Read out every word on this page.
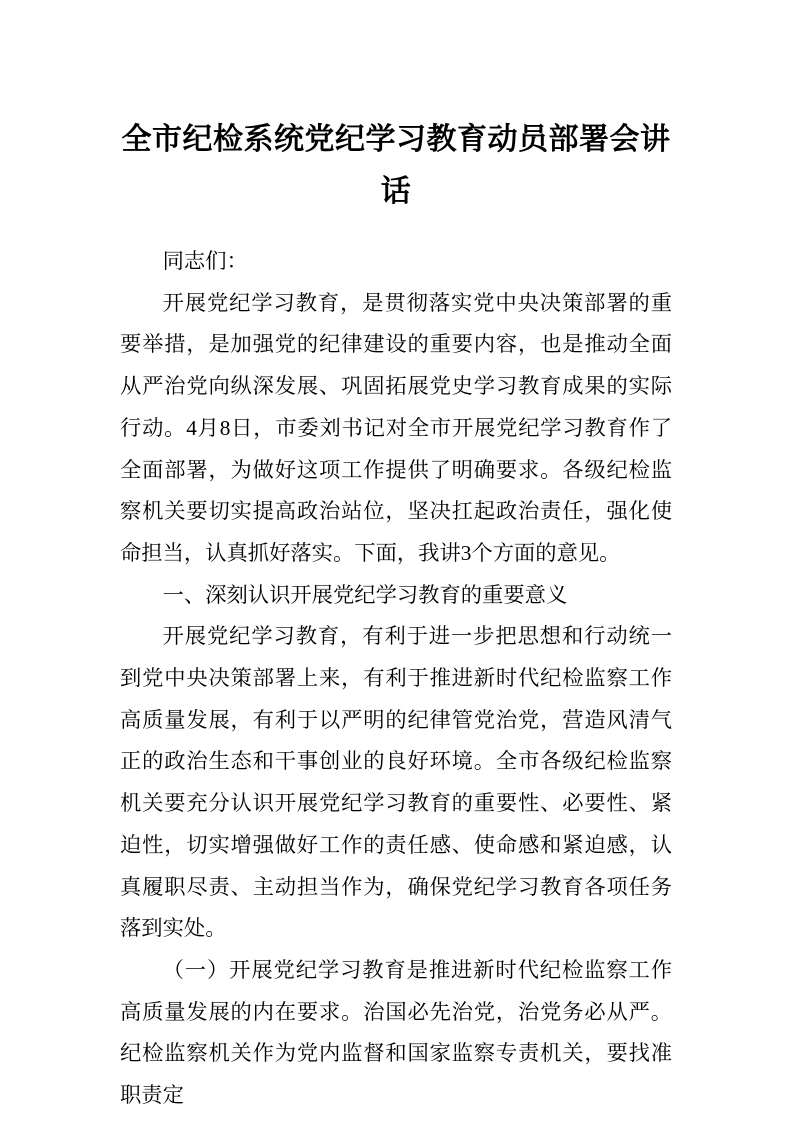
全市纪检系统党纪学习教育动员部署会讲
话

同志们：

开展党纪学习教育，是贯彻落实党中央决策部署的重要举措，是加强党的纪律建设的重要内容，也是推动全面从严治党向纵深发展、巩固拓展党史学习教育成果的实际行动。4月8日，市委刘书记对全市开展党纪学习教育作了全面部署，为做好这项工作提供了明确要求。各级纪检监察机关要切实提高政治站位，坚决扛起政治责任，强化使命担当，认真抓好落实。下面，我讲3个方面的意见。

一、深刻认识开展党纪学习教育的重要意义

开展党纪学习教育，有利于进一步把思想和行动统一到党中央决策部署上来，有利于推进新时代纪检监察工作高质量发展，有利于以严明的纪律管党治党，营造风清气正的政治生态和干事创业的良好环境。全市各级纪检监察机关要充分认识开展党纪学习教育的重要性、必要性、紧迫性，切实增强做好工作的责任感、使命感和紧迫感，认真履职尽责、主动担当作为，确保党纪学习教育各项任务落到实处。

（一）开展党纪学习教育是推进新时代纪检监察工作高质量发展的内在要求。治国必先治党，治党务必从严。纪检监察机关作为党内监督和国家监察专责机关，要找准职责定
